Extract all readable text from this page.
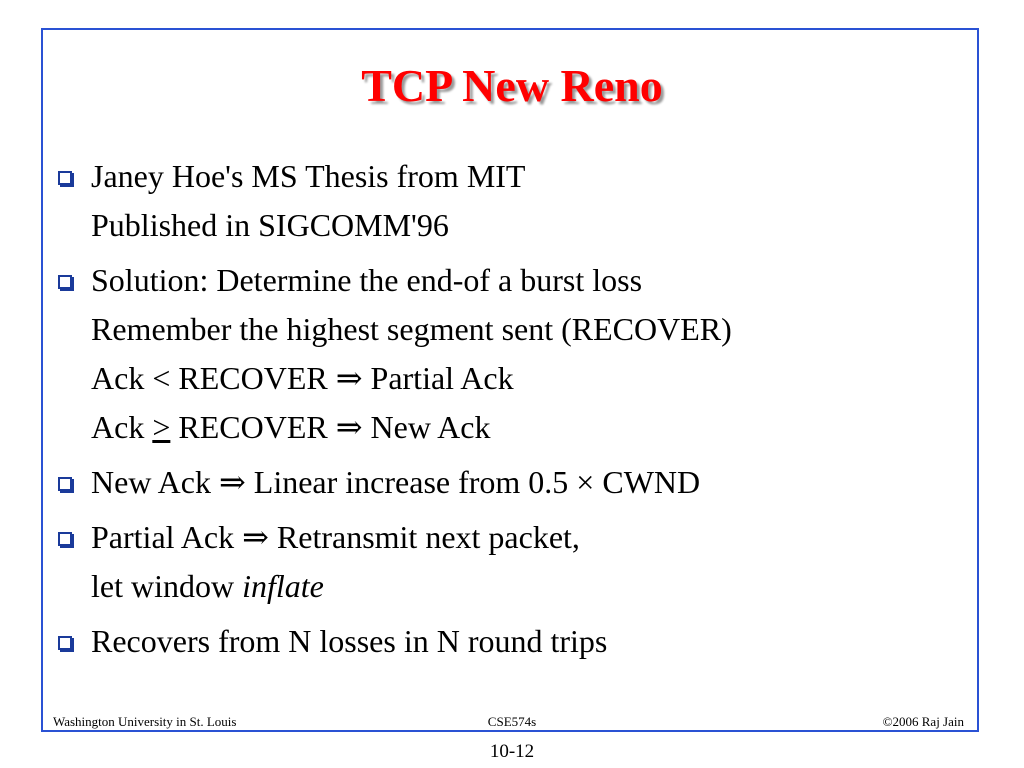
TCP New Reno
Janey Hoe's MS Thesis from MIT
Published in SIGCOMM'96
Solution: Determine the end-of a burst loss
Remember the highest segment sent (RECOVER)
Ack < RECOVER ⇒ Partial Ack
Ack > RECOVER ⇒ New Ack
New Ack ⇒ Linear increase from 0.5 × CWND
Partial Ack ⇒ Retransmit next packet,
let window inflate
Recovers from N losses in N round trips
Washington University in St. Louis	CSE574s	©2006 Raj Jain
10-12
